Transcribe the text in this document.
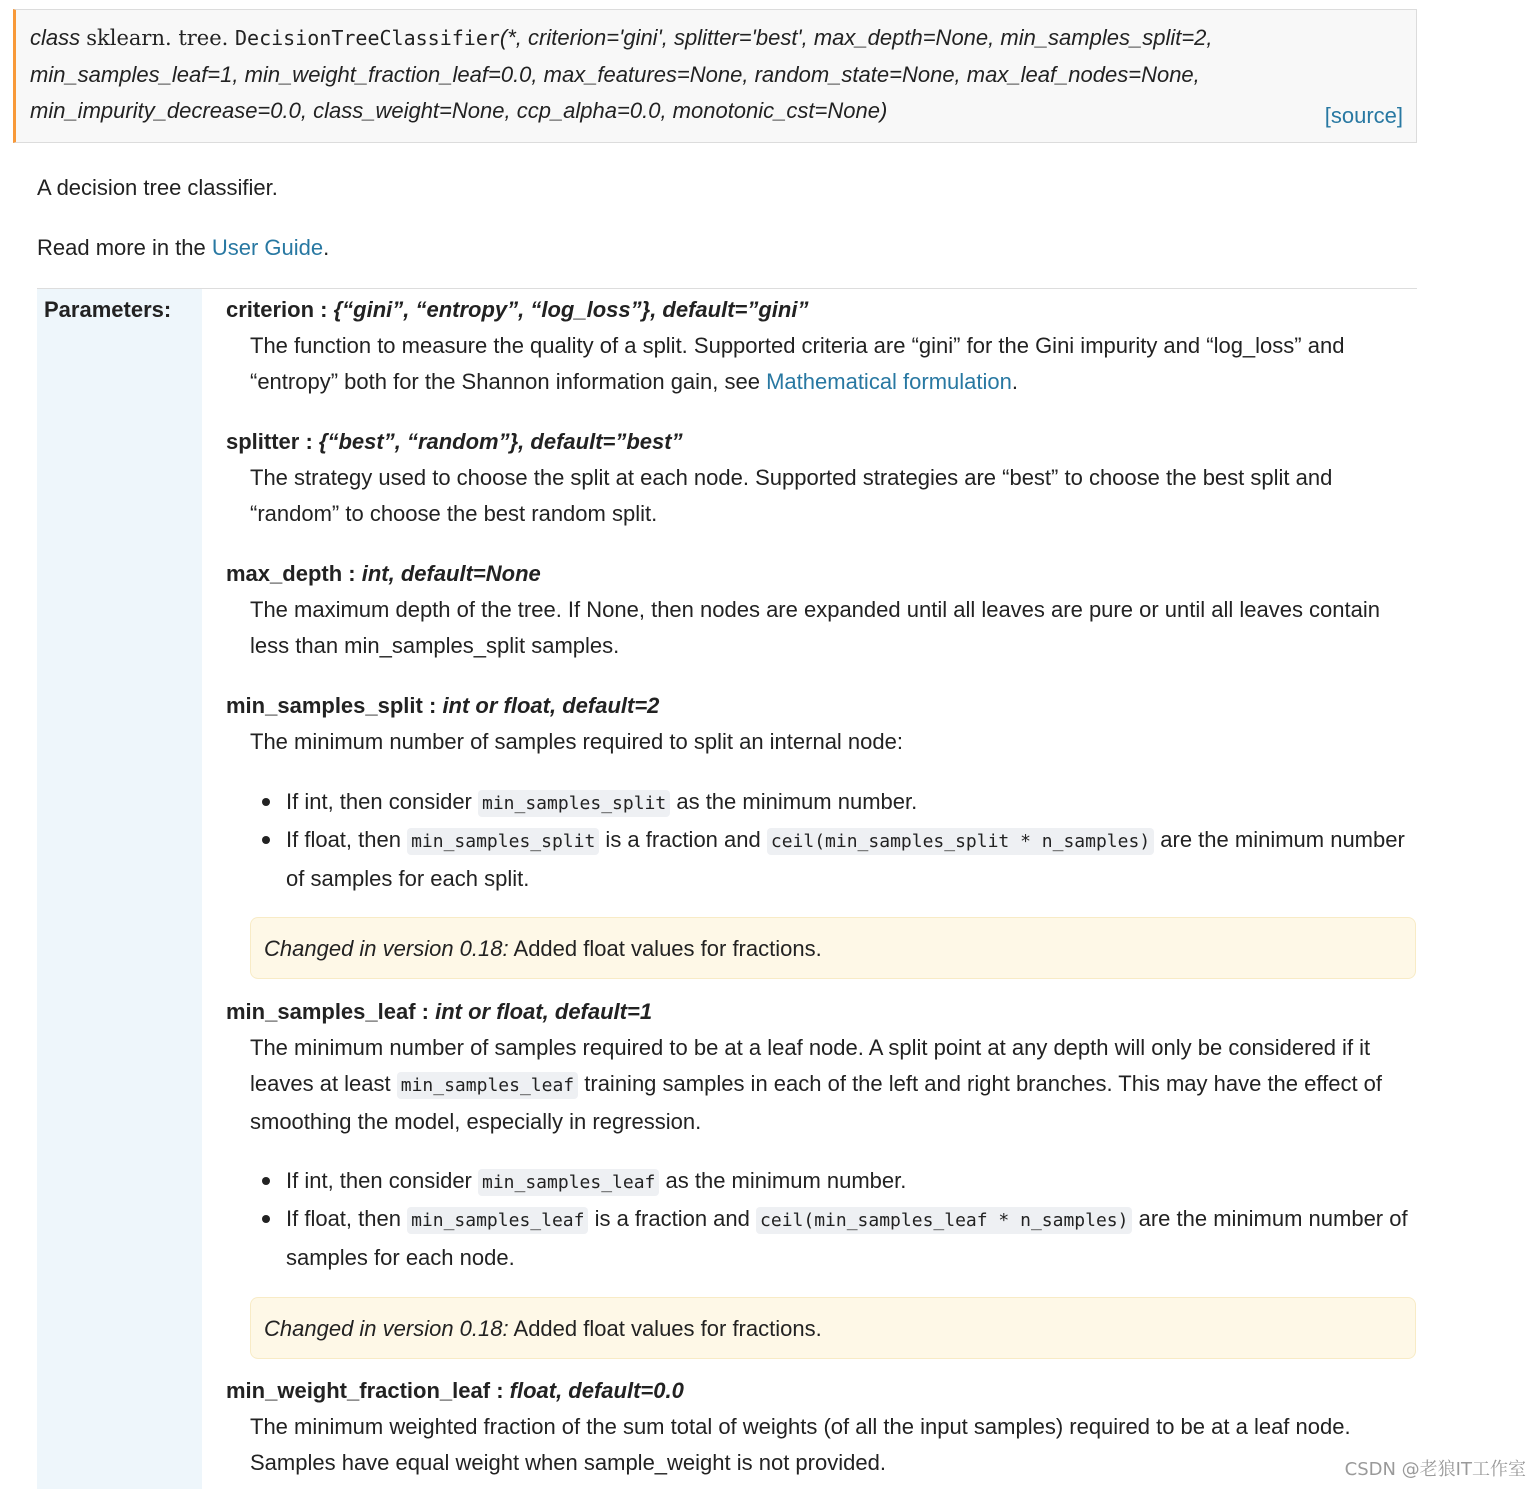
class sklearn. tree. DecisionTreeClassifier(*, criterion='gini', splitter='best', max_depth=None, min_samples_split=2,
min_samples_leaf=1, min_weight_fraction_leaf=0.0, max_features=None, random_state=None, max_leaf_nodes=None,
min_impurity_decrease=0.0, class_weight=None, ccp_alpha=0.0, monotonic_cst=None)	[source]
A decision tree classifier.
Read more in the User Guide.
Parameters: criterion : {“gini”, “entropy”, “log_loss”}, default=”gini”
The function to measure the quality of a split. Supported criteria are “gini” for the Gini impurity and “log_loss” and “entropy” both for the Shannon information gain, see Mathematical formulation.
splitter : {“best”, “random”}, default=”best”
The strategy used to choose the split at each node. Supported strategies are “best” to choose the best split and “random” to choose the best random split.
max_depth : int, default=None
The maximum depth of the tree. If None, then nodes are expanded until all leaves are pure or until all leaves contain less than min_samples_split samples.
min_samples_split : int or float, default=2
The minimum number of samples required to split an internal node:
If int, then consider min_samples_split as the minimum number.
If float, then min_samples_split is a fraction and ceil(min_samples_split * n_samples) are the minimum number of samples for each split.
Changed in version 0.18: Added float values for fractions.
min_samples_leaf : int or float, default=1
The minimum number of samples required to be at a leaf node. A split point at any depth will only be considered if it leaves at least min_samples_leaf training samples in each of the left and right branches. This may have the effect of smoothing the model, especially in regression.
If int, then consider min_samples_leaf as the minimum number.
If float, then min_samples_leaf is a fraction and ceil(min_samples_leaf * n_samples) are the minimum number of samples for each node.
Changed in version 0.18: Added float values for fractions.
min_weight_fraction_leaf : float, default=0.0
The minimum weighted fraction of the sum total of weights (of all the input samples) required to be at a leaf node. Samples have equal weight when sample_weight is not provided.	CSDN @老狼IT工作室
